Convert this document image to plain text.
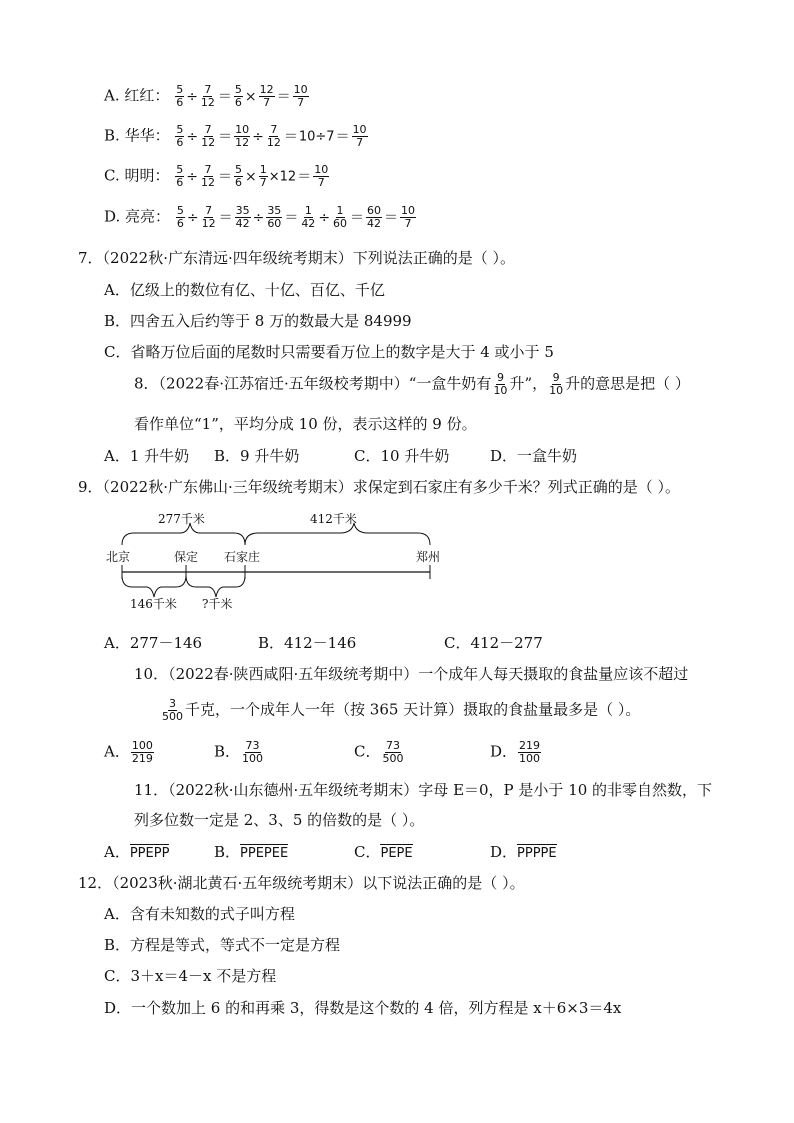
A. 红红： $\frac{5}{6} \div \frac{7}{12} = \frac{5}{6} \times \frac{12}{7} = \frac{10}{7}$
B. 华华： $\frac{5}{6} \div \frac{7}{12} = \frac{10}{12} \div \frac{7}{12} =10\div 7= \frac{10}{7}$
C. 明明： $\frac{5}{6} \div \frac{7}{12} = \frac{5}{6} \times \frac{1}{7} \times 12= \frac{10}{7}$
D. 亮亮： $\frac{5}{6} \div \frac{7}{12} = \frac{35}{42} \div \frac{35}{60} = \frac{1}{42} \div \frac{1}{60} = \frac{60}{42} = \frac{10}{7}$
7．（2022秋·广东清远·四年级统考期末）下列说法正确的是（ ）。
A．亿级上的数位有亿、十亿、百亿、千亿
B．四舍五入后约等于 8 万的数最大是 84999
C．省略万位后面的尾数时只需要看万位上的数字是大于 4 或小于 5
8．（2022春·江苏宿迁·五年级校考期中）“一盒牛奶有 $\frac{9}{10}$ 升”， $\frac{9}{10}$ 升的意思是把（ ）
看作单位“1”，平均分成 10 份，表示这样的 9 份。
A．1 升牛奶 B．9 升牛奶	C．10 升牛奶	D．一盒牛奶
9．（2022秋·广东佛山·三年级统考期末）求保定到石家庄有多少千米？列式正确的是（ ）。
277千米	412千米
北京	保定 石家庄	郑州
146千米 ?千米
A．277－146	B．412－146	C．412－277
10．（2022春·陕西咸阳·五年级统考期中）一个成年人每天摄取的食盐量应该不超过
$\frac{3}{500}$ 千克，一个成年人一年（按 365 天计算）摄取的食盐量最多是（ ）。
A． $\frac{100}{219}$	B． $\frac{73}{100}$	C． $\frac{73}{500}$	D． $\frac{219}{100}$
11．（2022秋·山东德州·五年级统考期末）字母 E＝0，P 是小于 10 的非零自然数，下
列多位数一定是 2、3、5 的倍数的是（ ）。
A．PPEPP	B．PPEPEE	C．PEPE	D．PPPPE
12．（2023秋·湖北黄石·五年级统考期末）以下说法正确的是（ ）。
A．含有未知数的式子叫方程
B．方程是等式，等式不一定是方程
C．3＋x＝4－x 不是方程
D．一个数加上 6 的和再乘 3，得数是这个数的 4 倍，列方程是 x＋6×3＝4x
